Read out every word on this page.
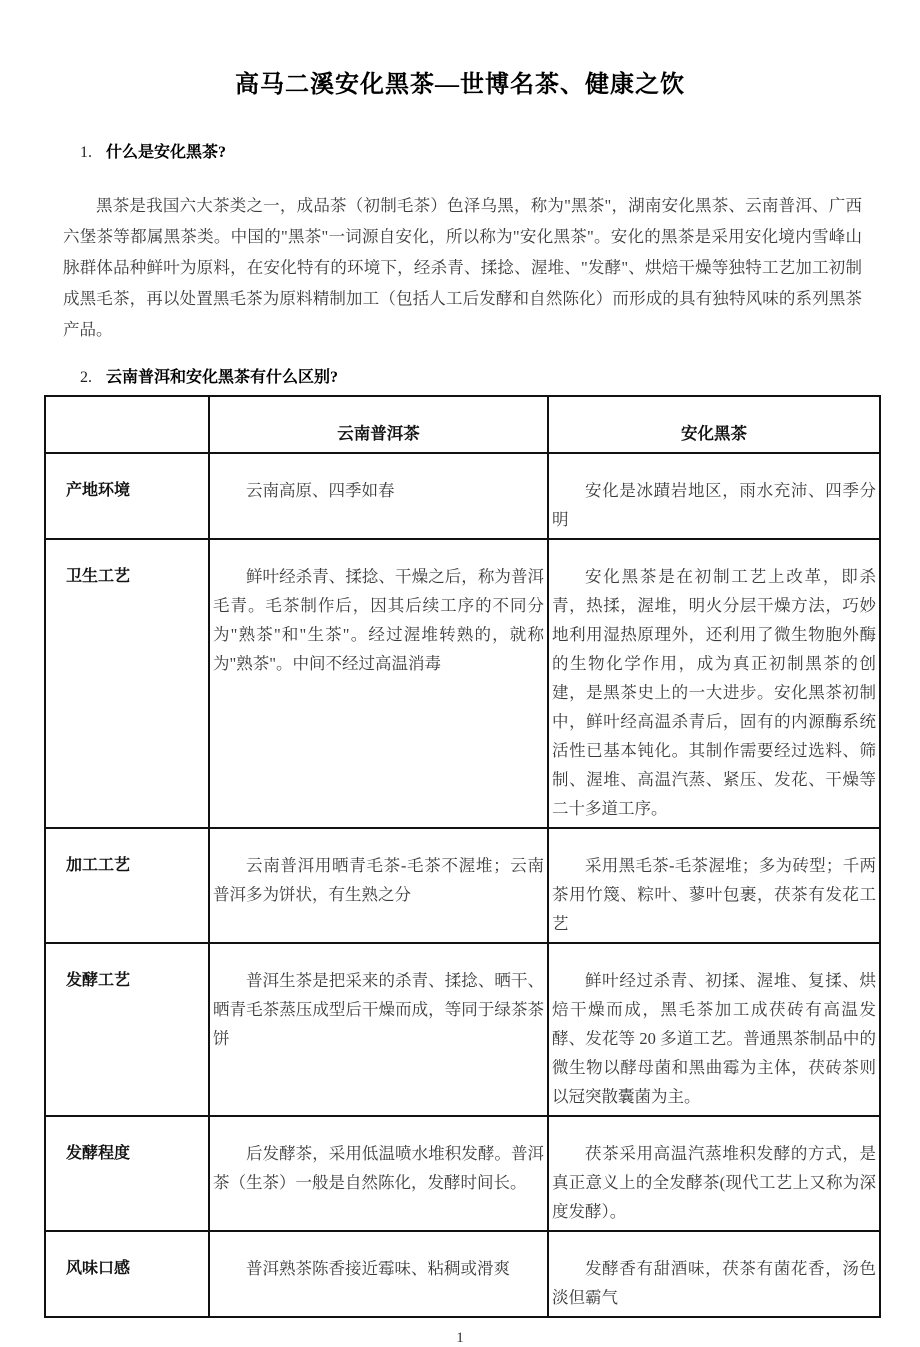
高马二溪安化黑茶—世博名茶、健康之饮
1. 什么是安化黑茶?

黑茶是我国六大茶类之一，成品茶（初制毛茶）色泽乌黑，称为"黑茶"，湖南安化黑茶、云南普洱、广西六堡茶等都属黑茶类。中国的"黑茶"一词源自安化，所以称为"安化黑茶"。安化的黑茶是采用安化境内雪峰山脉群体品种鲜叶为原料，在安化特有的环境下，经杀青、揉捻、渥堆、"发酵"、烘焙干燥等独特工艺加工初制成黑毛茶，再以处置黑毛茶为原料精制加工（包括人工后发酵和自然陈化）而形成的具有独特风味的系列黑茶产品。

2. 云南普洱和安化黑茶有什么区别?
	云南普洱茶	安化黑茶
产地环境	云南高原、四季如春	安化是冰蹟岩地区，雨水充沛、四季分明

卫生工艺	鲜叶经杀青、揉捻、干燥之后，称为普洱毛青。毛茶制作后，因其后续工序的不同分为"熟茶"和"生茶"。经过渥堆转熟的，就称为"熟茶"。中间不经过高温消毒	安化黑茶是在初制工艺上改革，即杀青，热揉，渥堆，明火分层干燥方法，巧妙地利用湿热原理外，还利用了微生物胞外酶的生物化学作用，成为真正初制黑茶的创建，是黑茶史上的一大进步。安化黑茶初制中，鲜叶经高温杀青后，固有的内源酶系统活性已基本钝化。其制作需要经过选料、筛制、渥堆、高温汽蒸、紧压、发花、干燥等二十多道工序。

加工工艺	云南普洱用晒青毛茶-毛茶不渥堆；云南普洱多为饼状，有生熟之分	采用黑毛茶-毛茶渥堆；多为砖型；千两茶用竹篾、粽叶、蓼叶包裹，茯茶有发花工艺

发酵工艺	普洱生茶是把采来的杀青、揉捻、晒干、晒青毛茶蒸压成型后干燥而成，等同于绿茶茶饼	鲜叶经过杀青、初揉、渥堆、复揉、烘焙干燥而成，黑毛茶加工成茯砖有高温发酵、发花等 20 多道工艺。普通黑茶制品中的微生物以酵母菌和黑曲霉为主体，茯砖茶则以冠突散囊菌为主。

发酵程度	后发酵茶，采用低温喷水堆积发酵。普洱茶（生茶）一般是自然陈化，发酵时间长。	茯茶采用高温汽蒸堆积发酵的方式，是真正意义上的全发酵茶(现代工艺上又称为深度发酵）。

风味口感	普洱熟茶陈香接近霉味、粘稠或滑爽	发酵香有甜酒味，茯茶有菌花香，汤色淡但霸气
1
